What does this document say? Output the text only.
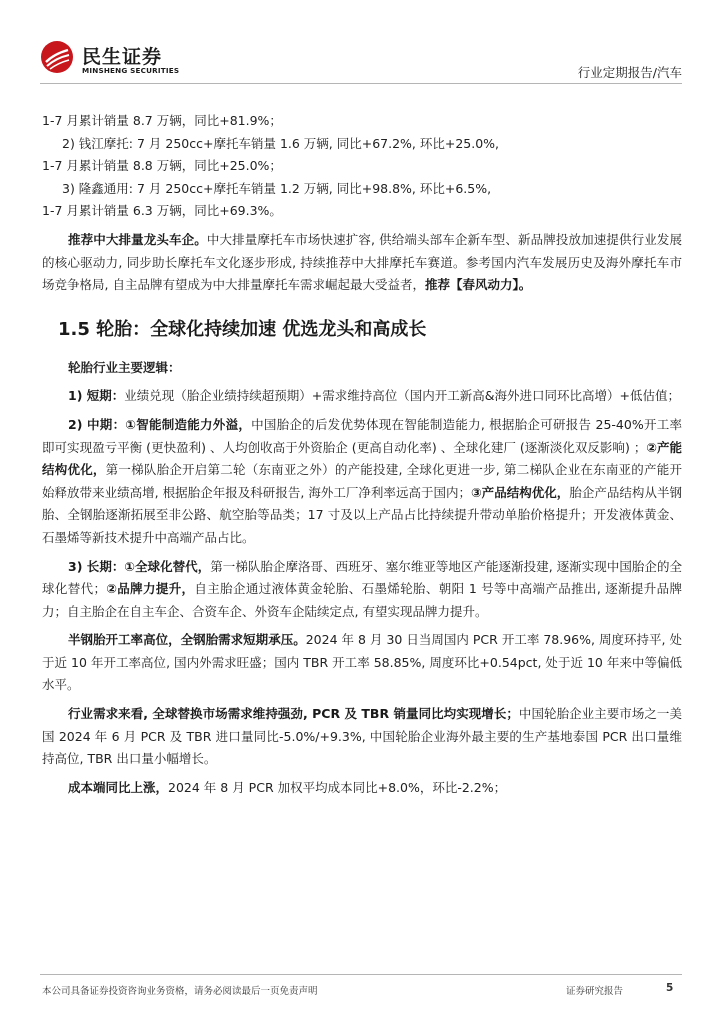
民生证券
MINSHENG SECURITIES	行业定期报告/汽车

1-7 月累计销量 8.7 万辆，同比+81.9%；
2) 钱江摩托: 7 月 250cc+摩托车销量 1.6 万辆, 同比+67.2%, 环比+25.0%,
1-7 月累计销量 8.8 万辆，同比+25.0%；
3) 隆鑫通用: 7 月 250cc+摩托车销量 1.2 万辆, 同比+98.8%, 环比+6.5%,
1-7 月累计销量 6.3 万辆，同比+69.3%。

推荐中大排量龙头车企。中大排量摩托车市场快速扩容, 供给端头部车企新车型、新品牌投放加速提供行业发展的核心驱动力, 同步助长摩托车文化逐步形成, 持续推荐中大排摩托车赛道。参考国内汽车发展历史及海外摩托车市场竞争格局, 自主品牌有望成为中大排量摩托车需求崛起最大受益者，推荐【春风动力】。

1.5 轮胎：全球化持续加速 优选龙头和高成长

轮胎行业主要逻辑：

1) 短期：业绩兑现（胎企业绩持续超预期）+需求维持高位（国内开工新高&海外进口同环比高增）+低估值；

2) 中期：①智能制造能力外溢，中国胎企的后发优势体现在智能制造能力, 根据胎企可研报告 25-40%开工率即可实现盈亏平衡 (更快盈利) 、人均创收高于外资胎企 (更高自动化率) 、全球化建厂 (逐渐淡化双反影响) ；②产能结构优化，第一梯队胎企开启第二轮（东南亚之外）的产能投建, 全球化更进一步, 第二梯队企业在东南亚的产能开始释放带来业绩高增, 根据胎企年报及科研报告, 海外工厂净利率远高于国内；③产品结构优化，胎企产品结构从半钢胎、全钢胎逐渐拓展至非公路、航空胎等品类；17 寸及以上产品占比持续提升带动单胎价格提升；开发液体黄金、石墨烯等新技术提升中高端产品占比。

3) 长期：①全球化替代，第一梯队胎企摩洛哥、西班牙、塞尔维亚等地区产能逐渐投建, 逐渐实现中国胎企的全球化替代；②品牌力提升，自主胎企通过液体黄金轮胎、石墨烯轮胎、朝阳 1 号等中高端产品推出, 逐渐提升品牌力；自主胎企在自主车企、合资车企、外资车企陆续定点, 有望实现品牌力提升。

半钢胎开工率高位，全钢胎需求短期承压。2024 年 8 月 30 日当周国内 PCR 开工率 78.96%, 周度环持平, 处于近 10 年开工率高位, 国内外需求旺盛；国内 TBR 开工率 58.85%, 周度环比+0.54pct, 处于近 10 年来中等偏低水平。

行业需求来看, 全球替换市场需求维持强劲, PCR 及 TBR 销量同比均实现增长；中国轮胎企业主要市场之一美国 2024 年 6 月 PCR 及 TBR 进口量同比-5.0%/+9.3%, 中国轮胎企业海外最主要的生产基地泰国 PCR 出口量维持高位, TBR 出口量小幅增长。

成本端同比上涨，2024 年 8 月 PCR 加权平均成本同比+8.0%，环比-2.2%；

本公司具备证券投资咨询业务资格，请务必阅读最后一页免责声明	证券研究报告	5
